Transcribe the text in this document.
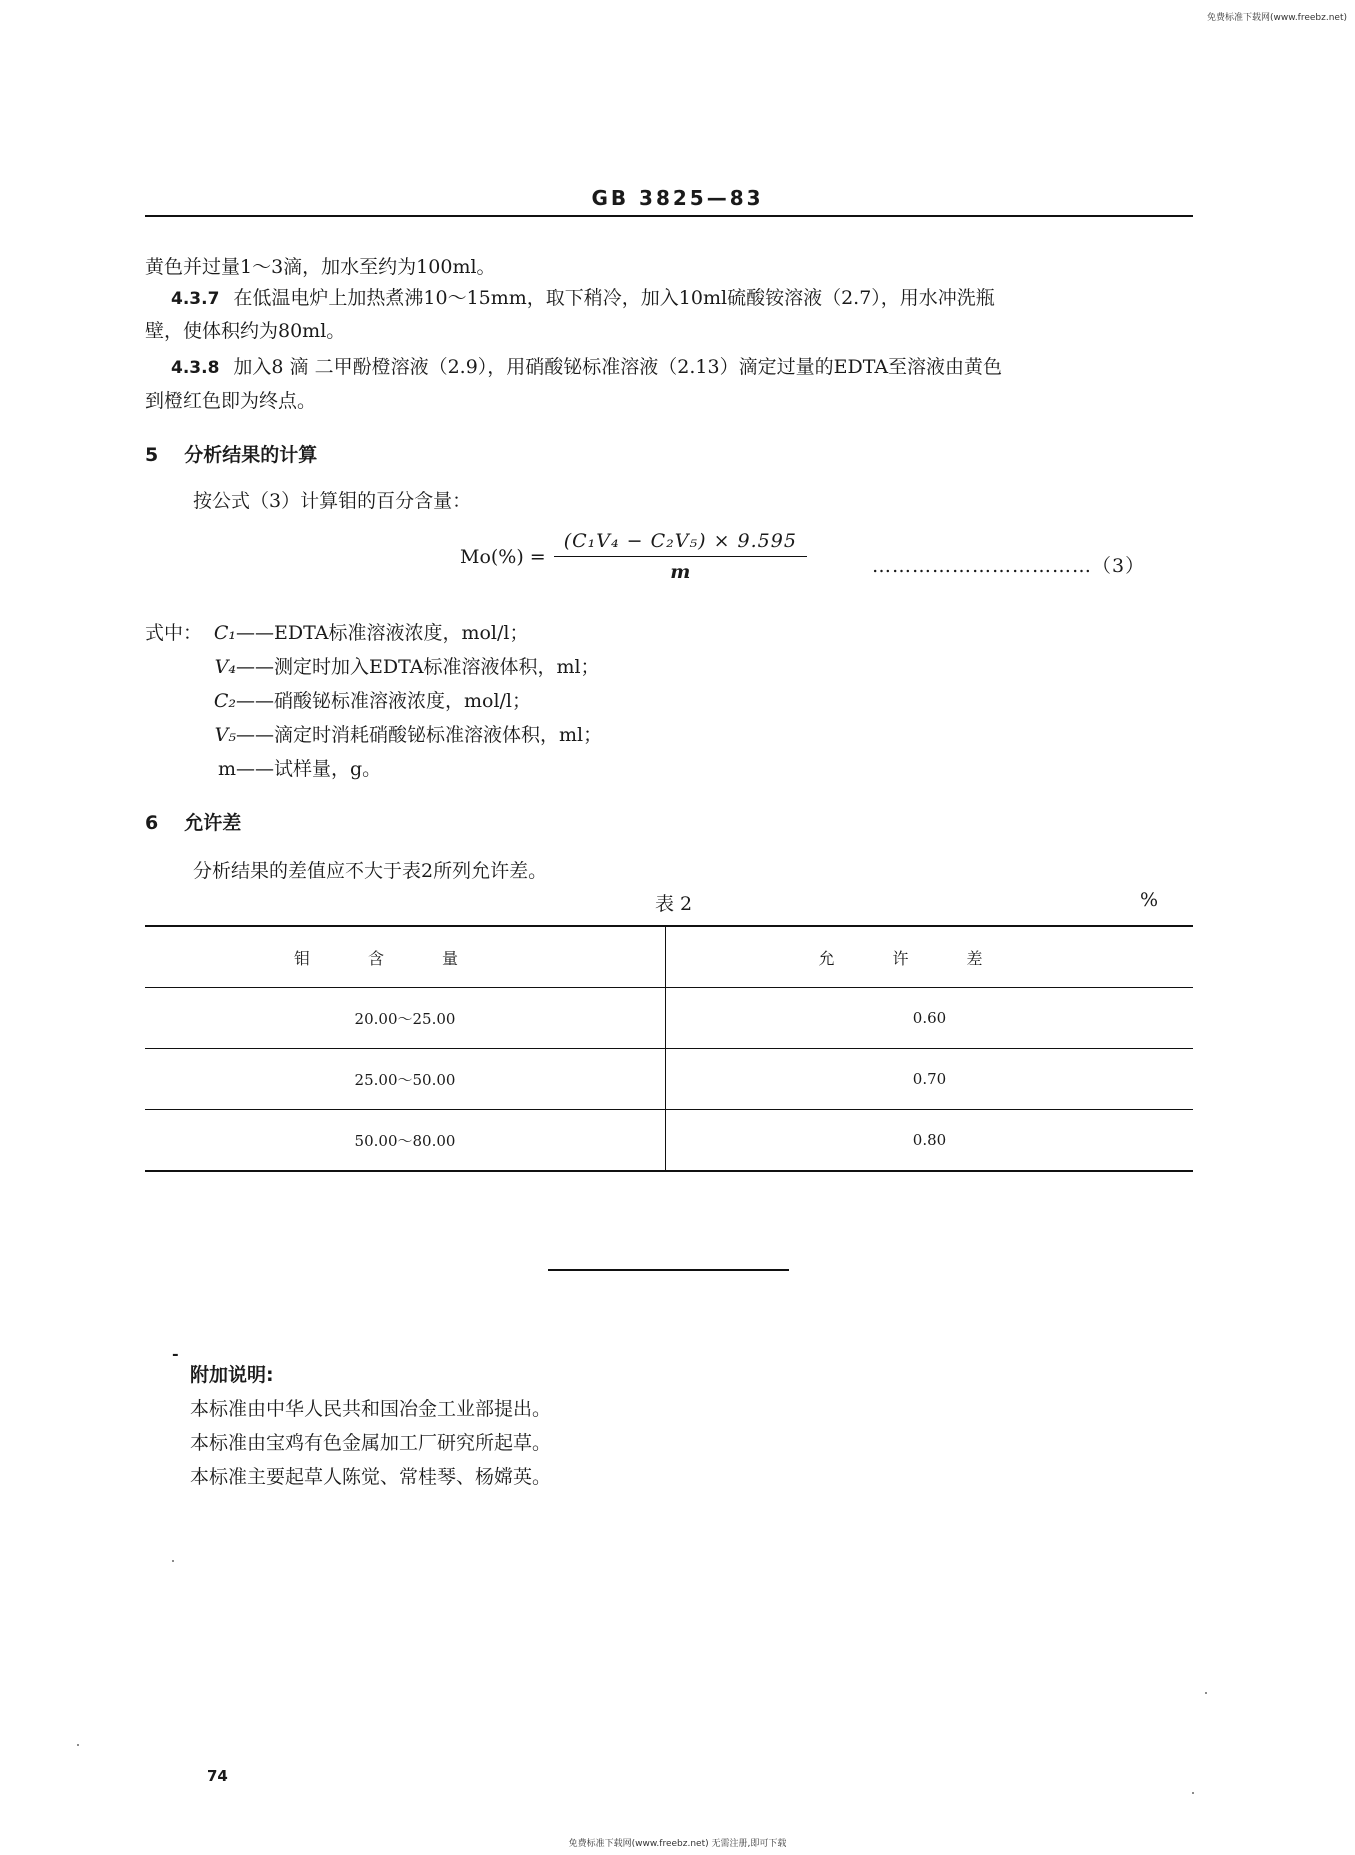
免费标准下载网(www.freebz.net)
免费标准下载网(www.freebz.net) 无需注册,即可下载
GB 3825—83
黄色并过量1～3滴，加水至约为100ml。
4.3.7 在低温电炉上加热煮沸10～15mm，取下稍冷，加入10ml硫酸铵溶液（2.7），用水冲洗瓶
壁，使体积约为80ml。
4.3.8 加入8 滴 二甲酚橙溶液（2.9），用硝酸铋标准溶液（2.13）滴定过量的EDTA至溶液由黄色
到橙红色即为终点。
5 分析结果的计算
按公式（3）计算钼的百分含量：
$Mo(\%) = \frac{\text{(C₁V₄ − C₂V₅) × 9.595}}{m}$	……………………………（3）
式中： C₁——EDTA标准溶液浓度，mol/l；
V₄——测定时加入EDTA标准溶液体积，ml；
C₂——硝酸铋标准溶液浓度，mol/l；
V₅——滴定时消耗硝酸铋标准溶液体积，ml；
m——试样量，g。
6 允许差
分析结果的差值应不大于表2所列允许差。
表 2	%
钼含量	允许差
20.00～25.00	0.60
25.00～50.00	0.70
50.00～80.00	0.80
-
附加说明:
本标准由中华人民共和国冶金工业部提出。
本标准由宝鸡有色金属加工厂研究所起草。
本标准主要起草人陈觉、常桂琴、杨嫦英。
74
